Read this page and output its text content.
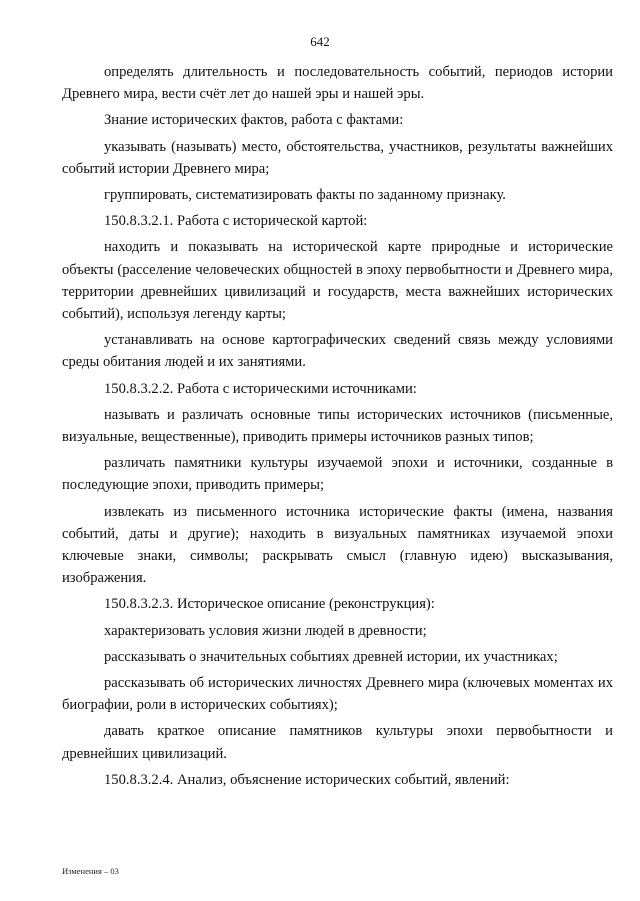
642

определять длительность и последовательность событий, периодов истории Древнего мира, вести счёт лет до нашей эры и нашей эры.

Знание исторических фактов, работа с фактами:

указывать (называть) место, обстоятельства, участников, результаты важнейших событий истории Древнего мира;

группировать, систематизировать факты по заданному признаку.

150.8.3.2.1. Работа с исторической картой:

находить и показывать на исторической карте природные и исторические объекты (расселение человеческих общностей в эпоху первобытности и Древнего мира, территории древнейших цивилизаций и государств, места важнейших исторических событий), используя легенду карты;

устанавливать на основе картографических сведений связь между условиями среды обитания людей и их занятиями.

150.8.3.2.2. Работа с историческими источниками:

называть и различать основные типы исторических источников (письменные, визуальные, вещественные), приводить примеры источников разных типов;

различать памятники культуры изучаемой эпохи и источники, созданные в последующие эпохи, приводить примеры;

извлекать из письменного источника исторические факты (имена, названия событий, даты и другие); находить в визуальных памятниках изучаемой эпохи ключевые знаки, символы; раскрывать смысл (главную идею) высказывания, изображения.

150.8.3.2.3. Историческое описание (реконструкция):

характеризовать условия жизни людей в древности;

рассказывать о значительных событиях древней истории, их участниках;

рассказывать об исторических личностях Древнего мира (ключевых моментах их биографии, роли в исторических событиях);

давать краткое описание памятников культуры эпохи первобытности и древнейших цивилизаций.

150.8.3.2.4. Анализ, объяснение исторических событий, явлений:

Изменения – 03
